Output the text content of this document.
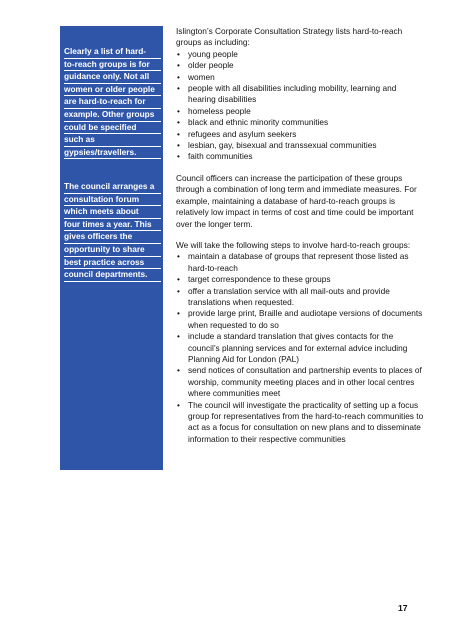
Clearly a list of hard-
to-reach groups is for
guidance only. Not all
women or older people
are hard-to-reach for
example. Other groups
could be specified
such as
gypsies/travellers.
The council arranges a
consultation forum
which meets about
four times a year. This
gives officers the
opportunity to share
best practice across
council departments.

Islington’s Corporate Consultation Strategy lists hard-to-reach groups as including:

• young people
• older people
• women
• people with all disabilities including mobility, learning and hearing disabilities
• homeless people
• black and ethnic minority communities
• refugees and asylum seekers
• lesbian, gay, bisexual and transsexual communities
• faith communities

Council officers can increase the participation of these groups through a combination of long term and immediate measures. For example, maintaining a database of hard-to-reach groups is relatively low impact in terms of cost and time could be important over the longer term.

We will take the following steps to involve hard-to-reach groups:

• maintain a database of groups that represent those listed as hard-to-reach
• target correspondence to these groups
• offer a translation service with all mail-outs and provide translations when requested.
• provide large print, Braille and audiotape versions of documents when requested to do so
• include a standard translation that gives contacts for the council’s planning services and for external advice including Planning Aid for London (PAL)
• send notices of consultation and partnership events to places of worship, community meeting places and in other local centres where communities meet
• The council will investigate the practicality of setting up a focus group for representatives from the hard-to-reach communities to act as a focus for consultation on new plans and to disseminate information to their respective communities
17
